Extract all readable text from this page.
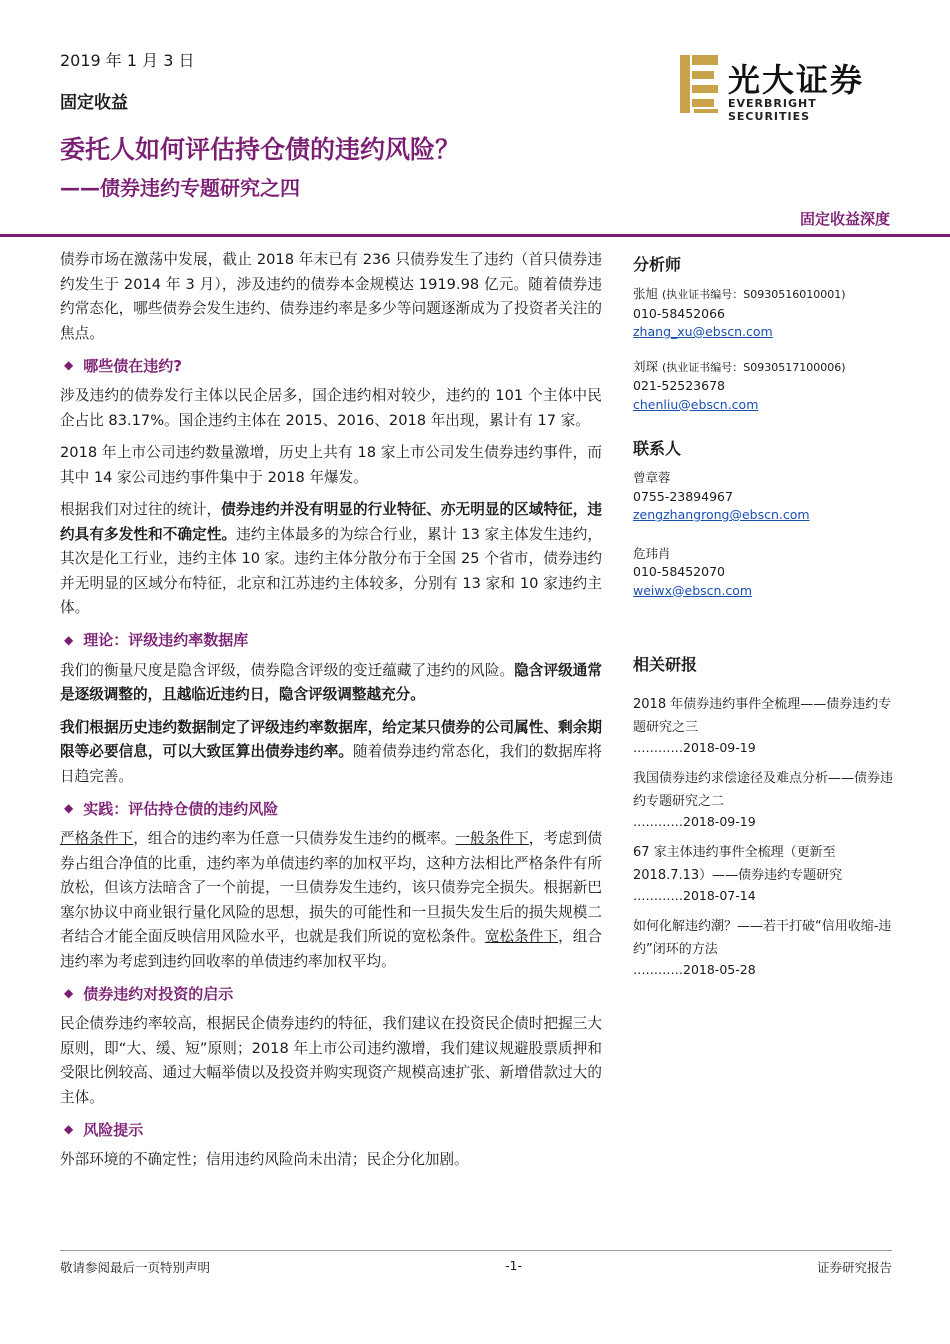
2019 年 1 月 3 日
固定收益
光大证券
EVERBRIGHT SECURITIES
委托人如何评估持仓债的违约风险？
——债券违约专题研究之四
固定收益深度

债券市场在激荡中发展，截止 2018 年末已有 236 只债券发生了违约（首只债券违约发生于 2014 年 3 月），涉及违约的债券本金规模达 1919.98 亿元。随着债券违约常态化，哪些债券会发生违约、债券违约率是多少等问题逐渐成为了投资者关注的焦点。

◆ 哪些债在违约?

涉及违约的债券发行主体以民企居多，国企违约相对较少，违约的 101 个主体中民企占比 83.17%。国企违约主体在 2015、2016、2018 年出现，累计有 17 家。

2018 年上市公司违约数量激增，历史上共有 18 家上市公司发生债券违约事件，而其中 14 家公司违约事件集中于 2018 年爆发。

根据我们对过往的统计，债券违约并没有明显的行业特征、亦无明显的区域特征，违约具有多发性和不确定性。违约主体最多的为综合行业，累计 13 家主体发生违约，其次是化工行业，违约主体 10 家。违约主体分散分布于全国 25 个省市，债券违约并无明显的区域分布特征，北京和江苏违约主体较多，分别有 13 家和 10 家违约主体。

◆ 理论：评级违约率数据库

我们的衡量尺度是隐含评级，债券隐含评级的变迁蕴藏了违约的风险。隐含评级通常是逐级调整的，且越临近违约日，隐含评级调整越充分。

我们根据历史违约数据制定了评级违约率数据库，给定某只债券的公司属性、剩余期限等必要信息，可以大致匡算出债券违约率。随着债券违约常态化，我们的数据库将日趋完善。

◆ 实践：评估持仓债的违约风险

严格条件下，组合的违约率为任意一只债券发生违约的概率。一般条件下，考虑到债券占组合净值的比重，违约率为单债违约率的加权平均，这种方法相比严格条件有所放松，但该方法暗含了一个前提，一旦债券发生违约，该只债券完全损失。根据新巴塞尔协议中商业银行量化风险的思想，损失的可能性和一旦损失发生后的损失规模二者结合才能全面反映信用风险水平，也就是我们所说的宽松条件。宽松条件下，组合违约率为考虑到违约回收率的单债违约率加权平均。

◆ 债券违约对投资的启示

民企债券违约率较高，根据民企债券违约的特征，我们建议在投资民企债时把握三大原则，即“大、缓、短”原则；2018 年上市公司违约激增，我们建议规避股票质押和受限比例较高、通过大幅举债以及投资并购实现资产规模高速扩张、新增借款过大的主体。

◆ 风险提示

外部环境的不确定性；信用违约风险尚未出清；民企分化加剧。

分析师
张旭 (执业证书编号：S0930516010001)
010-58452066
zhang_xu@ebscn.com
刘琛 (执业证书编号：S0930517100006)
021-52523678
chenliu@ebscn.com
联系人
曾章蓉
0755-23894967
zengzhangrong@ebscn.com
危玮肖
010-58452070
weiwx@ebscn.com
相关研报
2018 年债券违约事件全梳理——债券违约专题研究之三
…………2018-09-19
我国债券违约求偿途径及难点分析——债券违约专题研究之二
…………2018-09-19
67 家主体违约事件全梳理（更新至 2018.7.13）——债券违约专题研究
…………2018-07-14
如何化解违约潮？——若干打破“信用收缩-违约”闭环的方法
…………2018-05-28
敬请参阅最后一页特别声明	-1-	证券研究报告
